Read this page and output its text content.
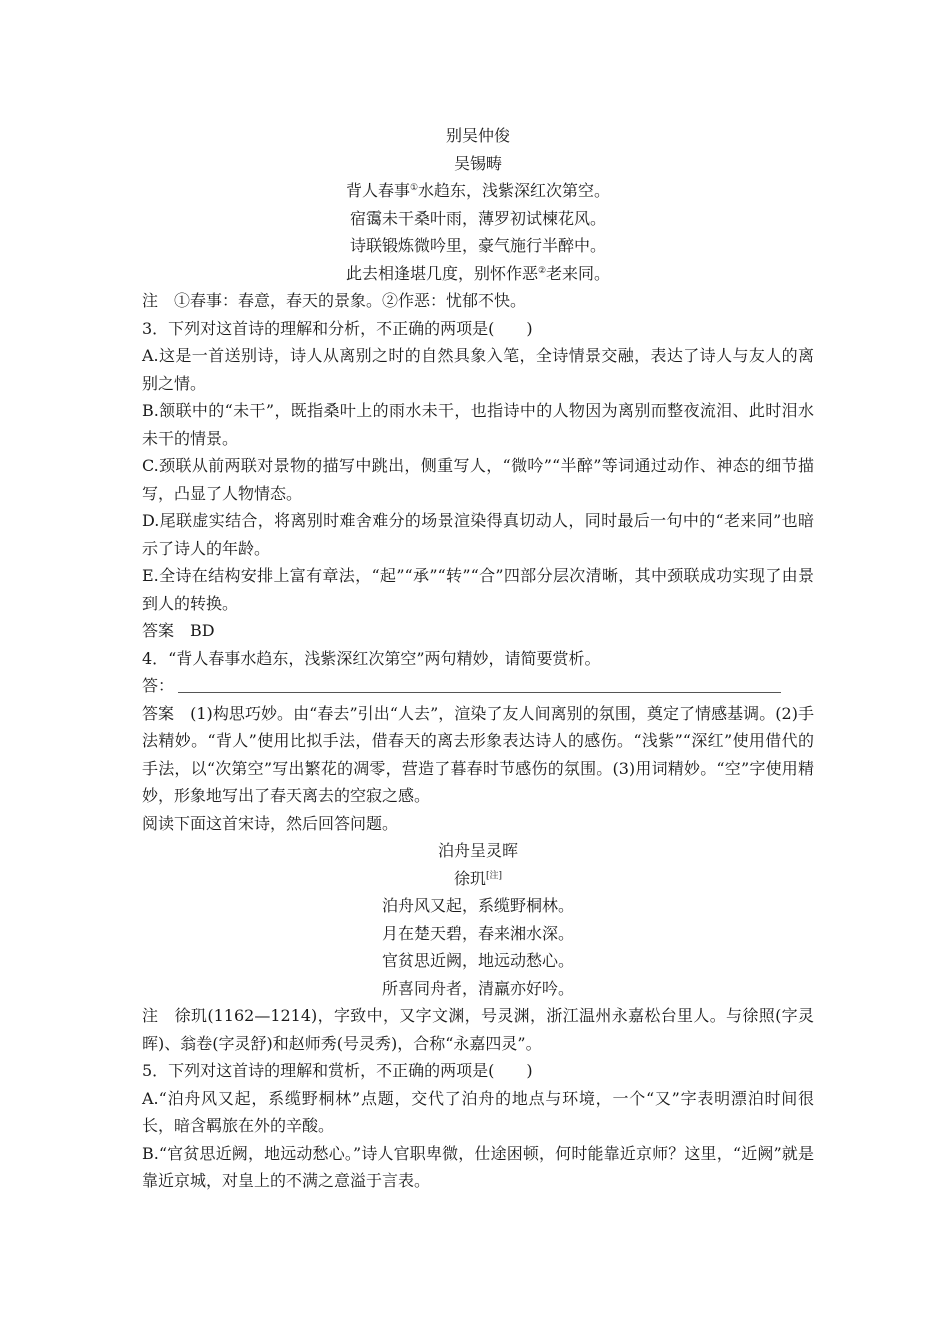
别吴仲俊
吴锡畴
背人春事①水趋东，浅紫深红次第空。
宿霭未干桑叶雨，薄罗初试楝花风。
诗联锻炼微吟里，豪气施行半醉中。
此去相逢堪几度，别怀作恶②老来同。
注　①春事：春意，春天的景象。②作恶：忧郁不快。
3．下列对这首诗的理解和分析，不正确的两项是(　　)
A.这是一首送别诗，诗人从离别之时的自然具象入笔，全诗情景交融，表达了诗人与友人的离别之情。
B.颔联中的“未干”，既指桑叶上的雨水未干，也指诗中的人物因为离别而整夜流泪、此时泪水未干的情景。
C.颈联从前两联对景物的描写中跳出，侧重写人，“微吟”“半醉”等词通过动作、神态的细节描写，凸显了人物情态。
D.尾联虚实结合，将离别时难舍难分的场景渲染得真切动人，同时最后一句中的“老来同”也暗示了诗人的年龄。
E.全诗在结构安排上富有章法，“起”“承”“转”“合”四部分层次清晰，其中颈联成功实现了由景到人的转换。
答案　BD
4．“背人春事水趋东，浅紫深红次第空”两句精妙，请简要赏析。
答：
答案　(1)构思巧妙。由“春去”引出“人去”，渲染了友人间离别的氛围，奠定了情感基调。(2)手法精妙。“背人”使用比拟手法，借春天的离去形象表达诗人的感伤。“浅紫”“深红”使用借代的手法，以“次第空”写出繁花的凋零，营造了暮春时节感伤的氛围。(3)用词精妙。“空”字使用精妙，形象地写出了春天离去的空寂之感。
阅读下面这首宋诗，然后回答问题。
泊舟呈灵晖
徐玑[注]
泊舟风又起，系缆野桐林。
月在楚天碧，春来湘水深。
官贫思近阙，地远动愁心。
所喜同舟者，清羸亦好吟。
注　徐玑(1162—1214)，字致中，又字文渊，号灵渊，浙江温州永嘉松台里人。与徐照(字灵晖)、翁卷(字灵舒)和赵师秀(号灵秀)，合称“永嘉四灵”。
5．下列对这首诗的理解和赏析，不正确的两项是(　　)
A.“泊舟风又起，系缆野桐林”点题，交代了泊舟的地点与环境，一个“又”字表明漂泊时间很长，暗含羁旅在外的辛酸。
B.“官贫思近阙，地远动愁心。”诗人官职卑微，仕途困顿，何时能靠近京师？这里，“近阙”就是靠近京城，对皇上的不满之意溢于言表。
